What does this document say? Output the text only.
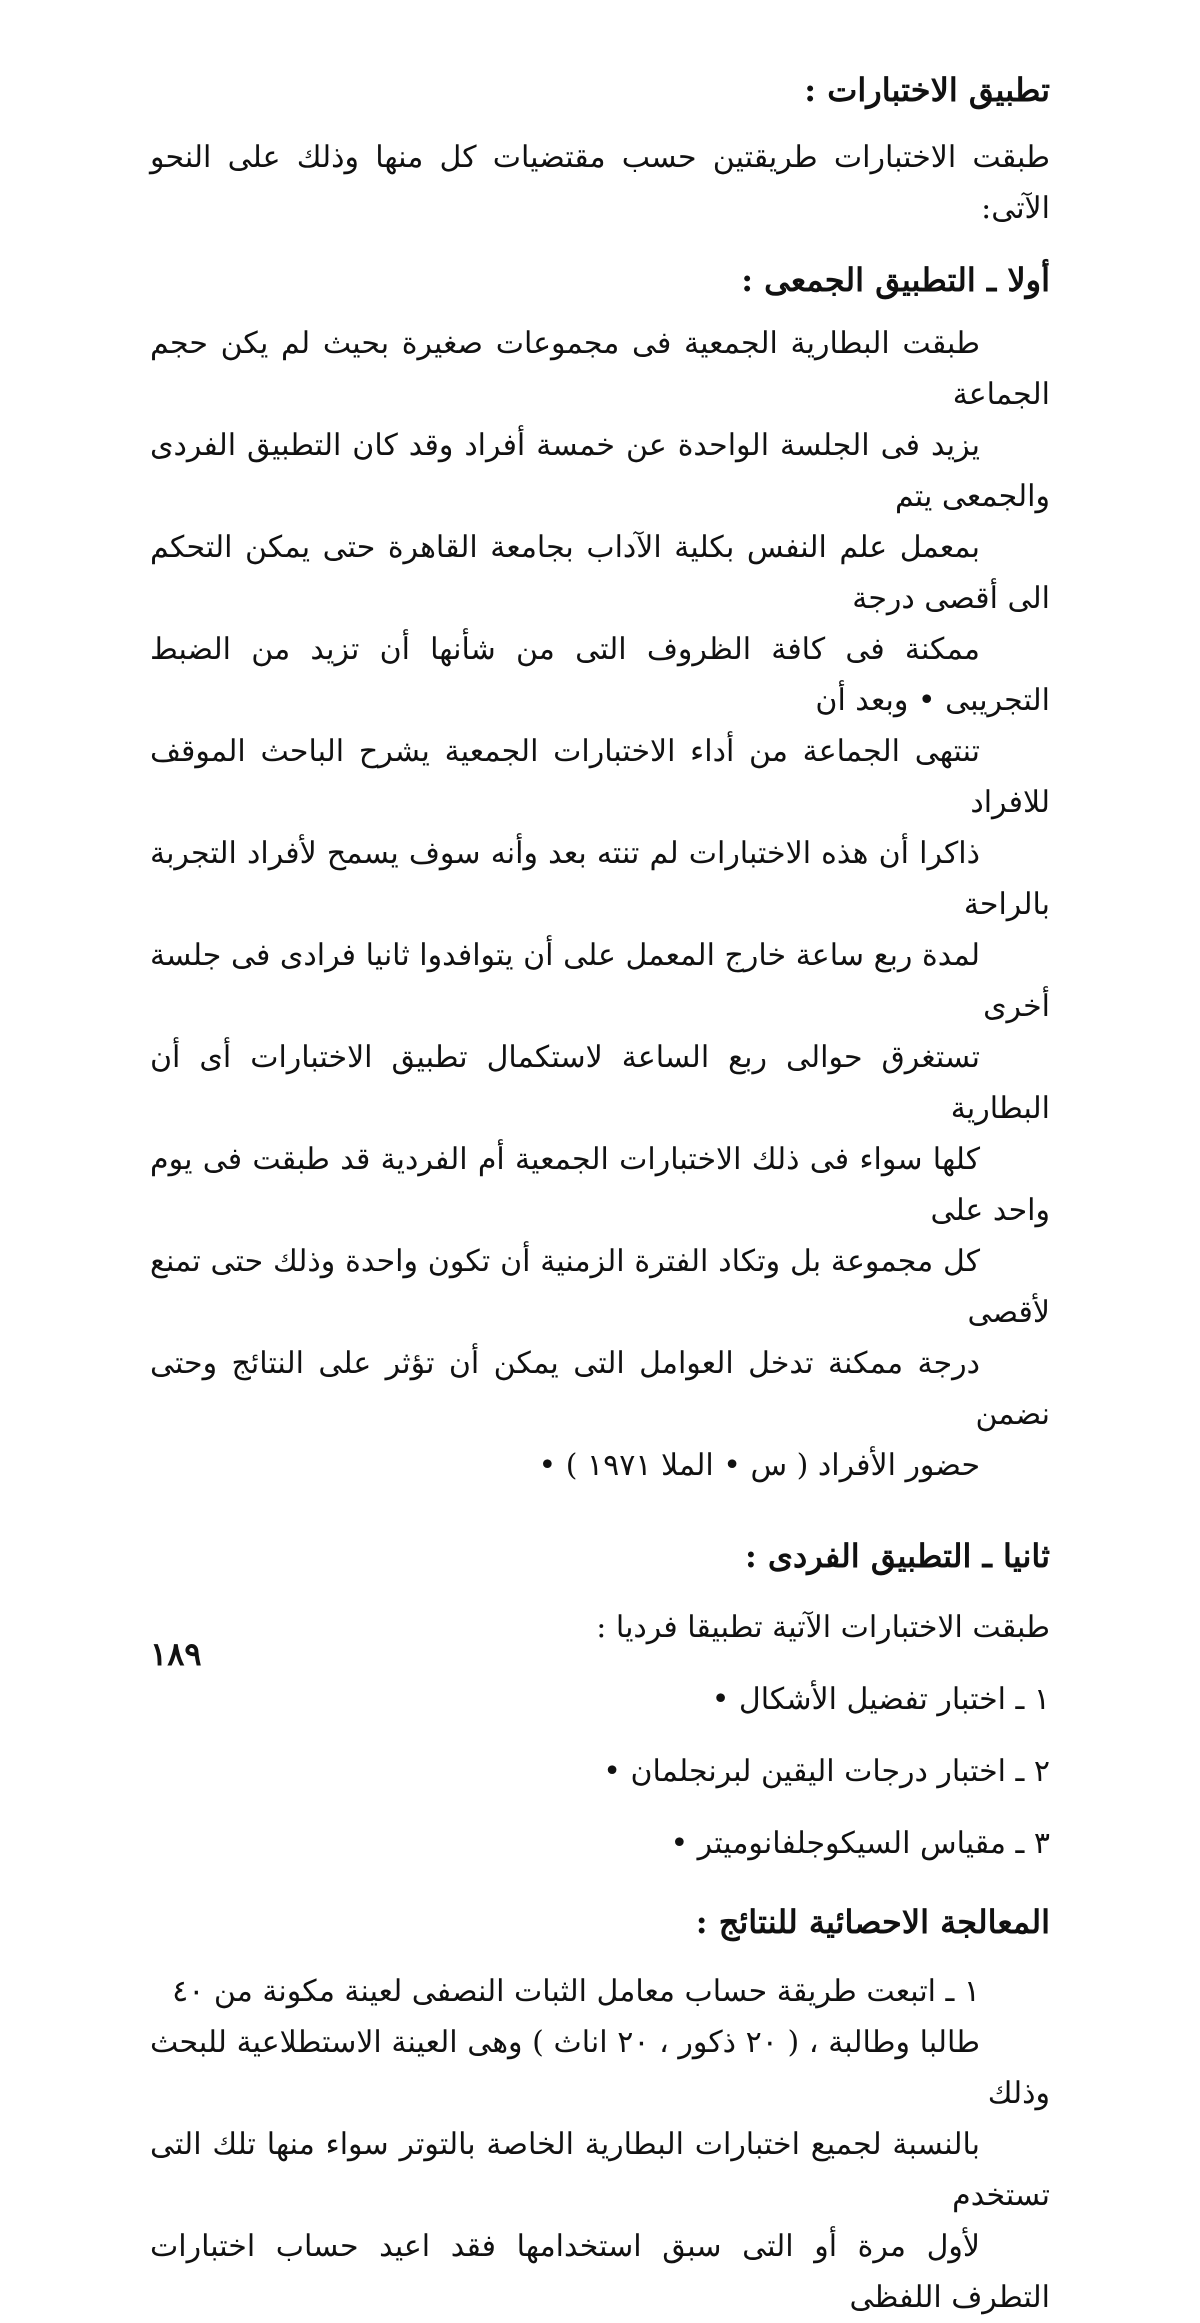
تطبيق الاختبارات :

طبقت الاختبارات طريقتين حسب مقتضيات كل منها وذلك على النحو الآتى:

أولا ـ التطبيق الجمعى :
طبقت البطارية الجمعية فى مجموعات صغيرة بحيث لم يكن حجم الجماعة
يزيد فى الجلسة الواحدة عن خمسة أفراد وقد كان التطبيق الفردى والجمعى يتم
بمعمل علم النفس بكلية الآداب بجامعة القاهرة حتى يمكن التحكم الى أقصى درجة
ممكنة فى كافة الظروف التى من شأنها أن تزيد من الضبط التجريبى • وبعد أن
تنتهى الجماعة من أداء الاختبارات الجمعية يشرح الباحث الموقف للافراد
ذاكرا أن هذه الاختبارات لم تنته بعد وأنه سوف يسمح لأفراد التجربة بالراحة
لمدة ربع ساعة خارج المعمل على أن يتوافدوا ثانيا فرادى فى جلسة أخرى
تستغرق حوالى ربع الساعة لاستكمال تطبيق الاختبارات أى أن البطارية
كلها سواء فى ذلك الاختبارات الجمعية أم الفردية قد طبقت فى يوم واحد على
كل مجموعة بل وتكاد الفترة الزمنية أن تكون واحدة وذلك حتى تمنع لأقصى
درجة ممكنة تدخل العوامل التى يمكن أن تؤثر على النتائج وحتى نضمن
حضور الأفراد ( س • الملا ١٩٧١ ) •
ثانيا ـ التطبيق الفردى :

طبقت الاختبارات الآتية تطبيقا فرديا :

١ ـ اختبار تفضيل الأشكال •

٢ ـ اختبار درجات اليقين لبرنجلمان •

٣ ـ مقياس السيكوجلفانوميتر •

المعالجة الاحصائية للنتائج :
١ ـ اتبعت طريقة حساب معامل الثبات النصفى لعينة مكونة من ٤٠
طالبا وطالبة ، ( ٢٠ ذكور ، ٢٠ اناث ) وهى العينة الاستطلاعية للبحث وذلك
بالنسبة لجميع اختبارات البطارية الخاصة بالتوتر سواء منها تلك التى تستخدم
لأول مرة أو التى سبق استخدامها فقد اعيد حساب اختبارات التطرف اللفظى
١٨٩
